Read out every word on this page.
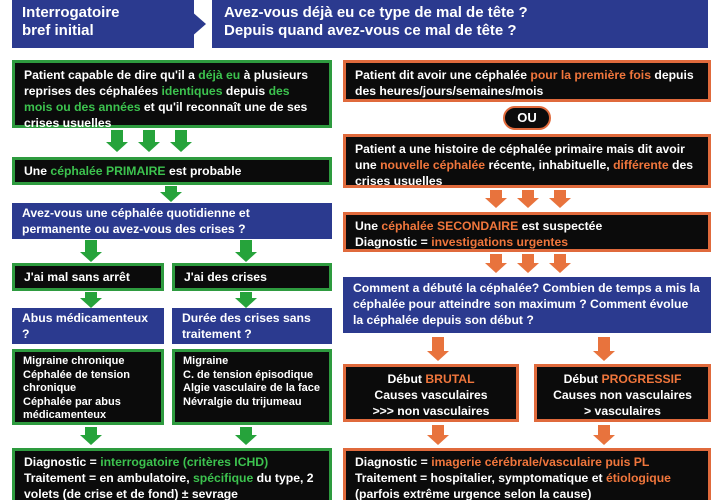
Interrogatoire
bref initial
Avez-vous déjà eu ce type de mal de tête ?
Depuis quand avez-vous ce mal de tête ?
Patient capable de dire qu'il a déjà eu à plusieurs reprises des céphalées identiques depuis des mois ou des années et qu'il reconnaît une de ses crises usuelles
Une céphalée PRIMAIRE est probable
Avez-vous une céphalée quotidienne et permanente ou avez-vous des crises ?
J'ai mal sans arrêt	J'ai des crises
Abus médicamenteux ?
Durée des crises sans traitement ?
Migraine chronique
Céphalée de tension chronique
Céphalée par abus médicamenteux
Migraine
C. de tension épisodique
Algie vasculaire de la face
Névralgie du trijumeau
Diagnostic = interrogatoire (critères ICHD)
Traitement = en ambulatoire, spécifique du type, 2 volets (de crise et de fond) ± sevrage
Patient dit avoir une céphalée pour la première fois depuis des heures/jours/semaines/mois
OU
Patient a une histoire de céphalée primaire mais dit avoir une nouvelle céphalée récente, inhabituelle, différente des crises usuelles
Une céphalée SECONDAIRE est suspectée
Diagnostic = investigations urgentes
Comment a débuté la céphalée? Combien de temps a mis la céphalée pour atteindre son maximum ? Comment évolue la céphalée depuis son début ?
Début BRUTAL
Causes vasculaires
>>> non vasculaires
Début PROGRESSIF
Causes non vasculaires
> vasculaires
Diagnostic = imagerie cérébrale/vasculaire puis PL
Traitement = hospitalier, symptomatique et étiologique (parfois extrême urgence selon la cause)
